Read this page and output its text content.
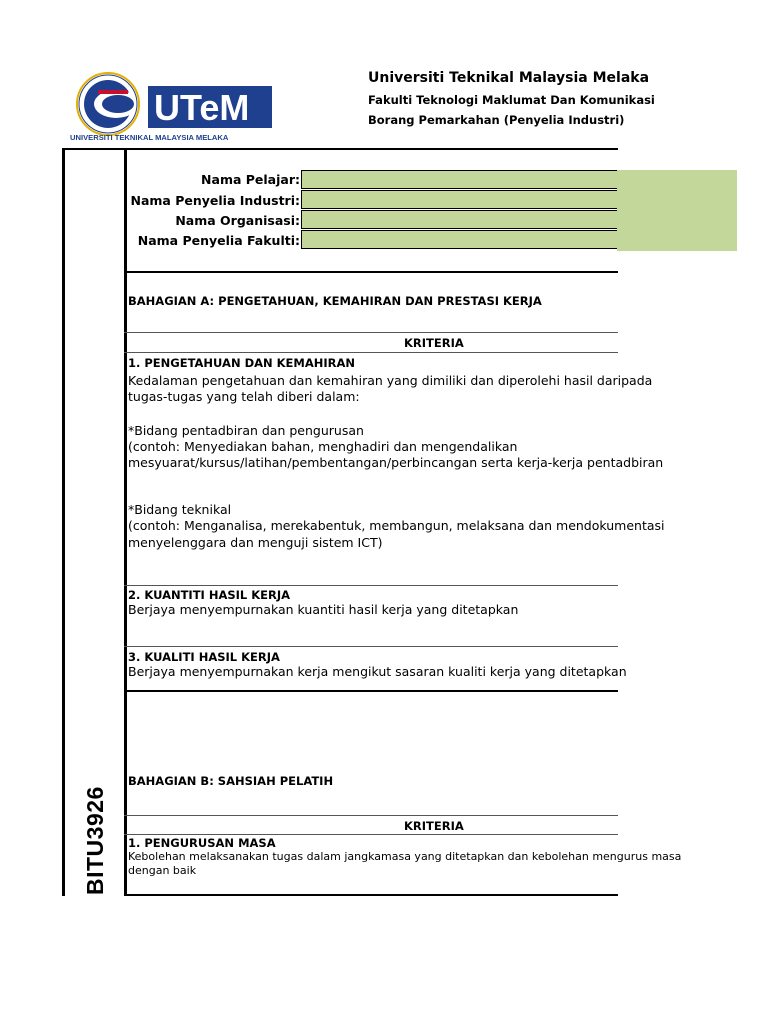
UTeM
UNIVERSITI TEKNIKAL MALAYSIA MELAKA
Universiti Teknikal Malaysia Melaka
Fakulti Teknologi Maklumat Dan Komunikasi
Borang Pemarkahan (Penyelia Industri)
BITU3926
Nama Pelajar:
Nama Penyelia Industri:
Nama Organisasi:
Nama Penyelia Fakulti:
BAHAGIAN A: PENGETAHUAN, KEMAHIRAN DAN PRESTASI KERJA
KRITERIA
1. PENGETAHUAN DAN KEMAHIRAN
Kedalaman pengetahuan dan kemahiran yang dimiliki dan diperolehi hasil daripada
tugas-tugas yang telah diberi dalam:
*Bidang pentadbiran dan pengurusan
(contoh: Menyediakan bahan, menghadiri dan mengendalikan
mesyuarat/kursus/latihan/pembentangan/perbincangan serta kerja-kerja pentadbiran
*Bidang teknikal
(contoh: Menganalisa, merekabentuk, membangun, melaksana dan mendokumentasi
menyelenggara dan menguji sistem ICT)
2. KUANTITI HASIL KERJA
Berjaya menyempurnakan kuantiti hasil kerja yang ditetapkan
3. KUALITI HASIL KERJA
Berjaya menyempurnakan kerja mengikut sasaran kualiti kerja yang ditetapkan
BAHAGIAN B: SAHSIAH PELATIH
KRITERIA
1. PENGURUSAN MASA
Kebolehan melaksanakan tugas dalam jangkamasa yang ditetapkan dan kebolehan mengurus masa
dengan baik
